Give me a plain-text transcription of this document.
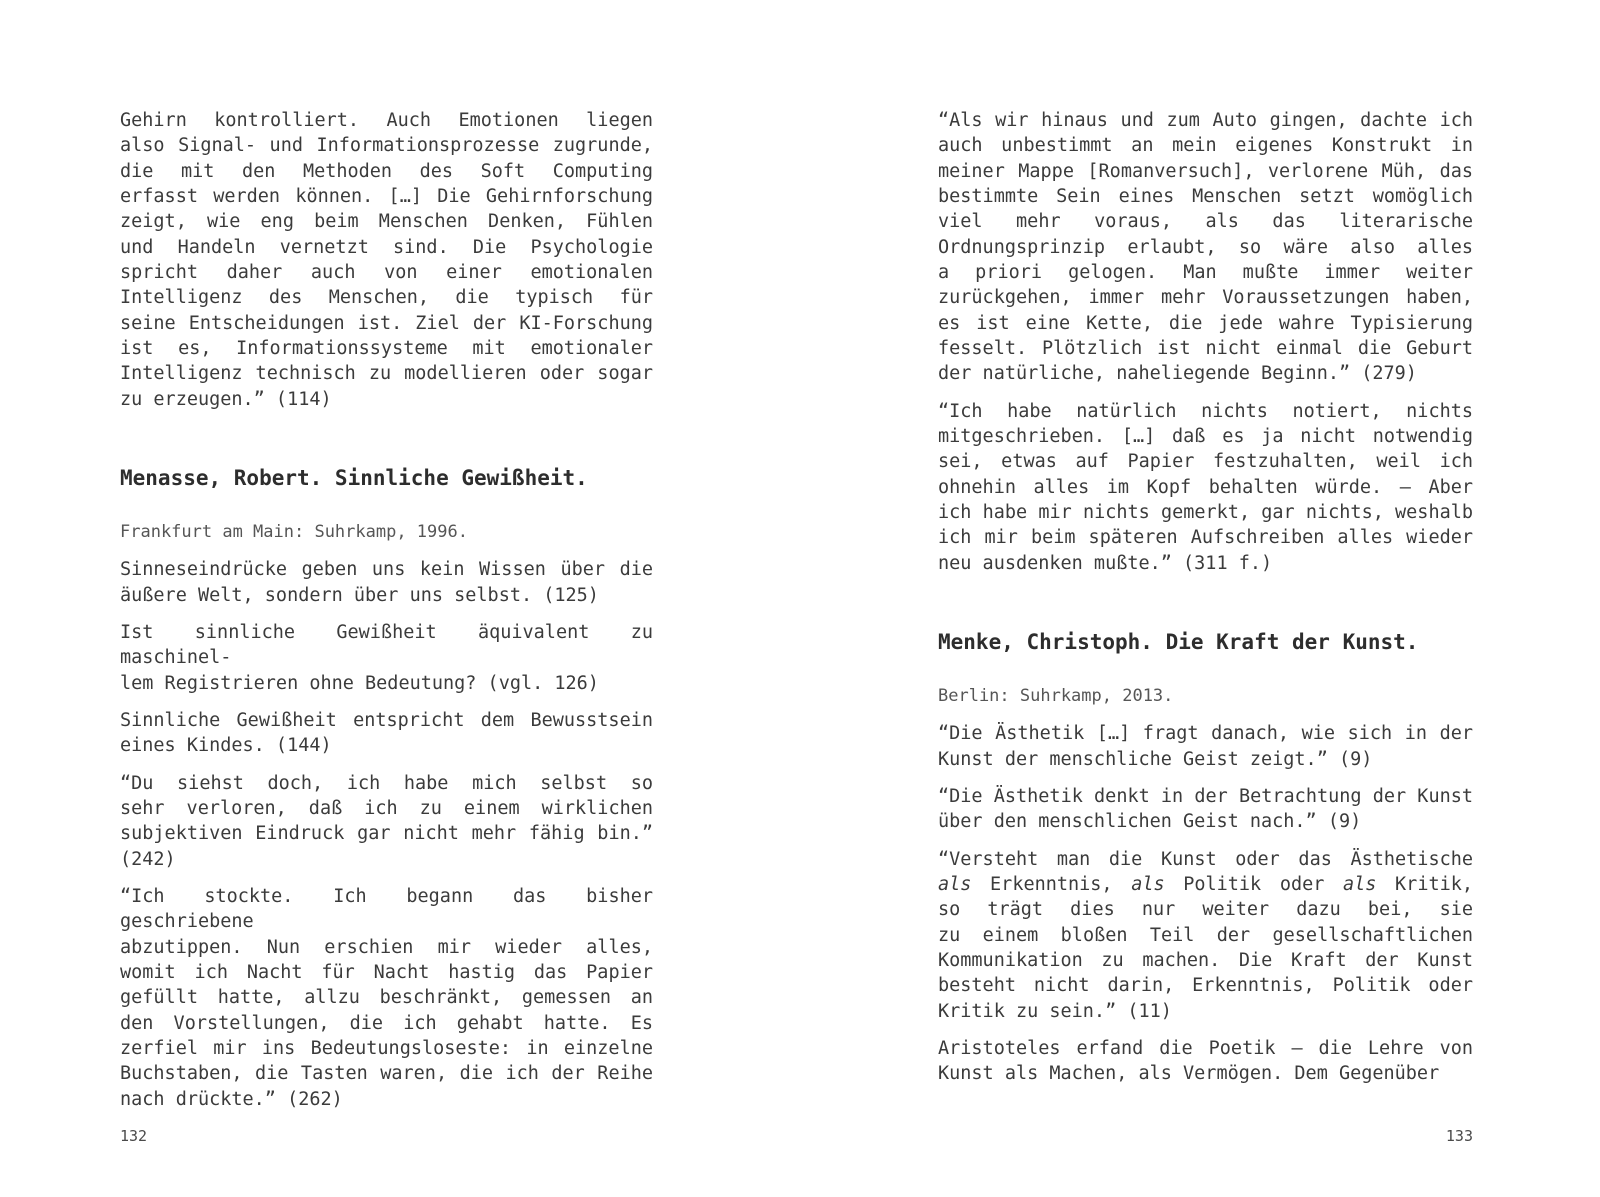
Gehirn kontrolliert. Auch Emotionen liegen
also Signal- und Informationsprozesse zugrunde,
die mit den Methoden des Soft Computing
erfasst werden können. […] Die Gehirnforschung
zeigt, wie eng beim Menschen Denken, Fühlen
und Handeln vernetzt sind. Die Psychologie
spricht daher auch von einer emotionalen
Intelligenz des Menschen, die typisch für
seine Entscheidungen ist. Ziel der KI-Forschung
ist es, Informationssysteme mit emotionaler
Intelligenz technisch zu modellieren oder sogar
zu erzeugen.” (114)
Menasse, Robert. Sinnliche Gewißheit.
Frankfurt am Main: Suhrkamp, 1996.
Sinneseindrücke geben uns kein Wissen über die
äußere Welt, sondern über uns selbst. (125)
Ist sinnliche Gewißheit äquivalent zu maschinel-
lem Registrieren ohne Bedeutung? (vgl. 126)
Sinnliche Gewißheit entspricht dem Bewusstsein
eines Kindes. (144)
“Du siehst doch, ich habe mich selbst so
sehr verloren, daß ich zu einem wirklichen
subjektiven Eindruck gar nicht mehr fähig bin.”
(242)
“Ich stockte. Ich begann das bisher geschriebene
abzutippen. Nun erschien mir wieder alles,
womit ich Nacht für Nacht hastig das Papier
gefüllt hatte, allzu beschränkt, gemessen an
den Vorstellungen, die ich gehabt hatte. Es
zerfiel mir ins Bedeutungsloseste: in einzelne
Buchstaben, die Tasten waren, die ich der Reihe
nach drückte.” (262)
“Als wir hinaus und zum Auto gingen, dachte ich
auch unbestimmt an mein eigenes Konstrukt in
meiner Mappe [Romanversuch], verlorene Müh, das
bestimmte Sein eines Menschen setzt womöglich
viel mehr voraus, als das literarische
Ordnungsprinzip erlaubt, so wäre also alles
a priori gelogen. Man mußte immer weiter
zurückgehen, immer mehr Voraussetzungen haben,
es ist eine Kette, die jede wahre Typisierung
fesselt. Plötzlich ist nicht einmal die Geburt
der natürliche, naheliegende Beginn.” (279)
“Ich habe natürlich nichts notiert, nichts
mitgeschrieben. […] daß es ja nicht notwendig
sei, etwas auf Papier festzuhalten, weil ich
ohnehin alles im Kopf behalten würde. – Aber
ich habe mir nichts gemerkt, gar nichts, weshalb
ich mir beim späteren Aufschreiben alles wieder
neu ausdenken mußte.” (311 f.)
Menke, Christoph. Die Kraft der Kunst.
Berlin: Suhrkamp, 2013.
“Die Ästhetik […] fragt danach, wie sich in der
Kunst der menschliche Geist zeigt.” (9)
“Die Ästhetik denkt in der Betrachtung der Kunst
über den menschlichen Geist nach.” (9)
“Versteht man die Kunst oder das Ästhetische
als Erkenntnis, als Politik oder als Kritik,
so trägt dies nur weiter dazu bei, sie
zu einem bloßen Teil der gesellschaftlichen
Kommunikation zu machen. Die Kraft der Kunst
besteht nicht darin, Erkenntnis, Politik oder
Kritik zu sein.” (11)
Aristoteles erfand die Poetik – die Lehre von
Kunst als Machen, als Vermögen. Dem Gegenüber
132	133
